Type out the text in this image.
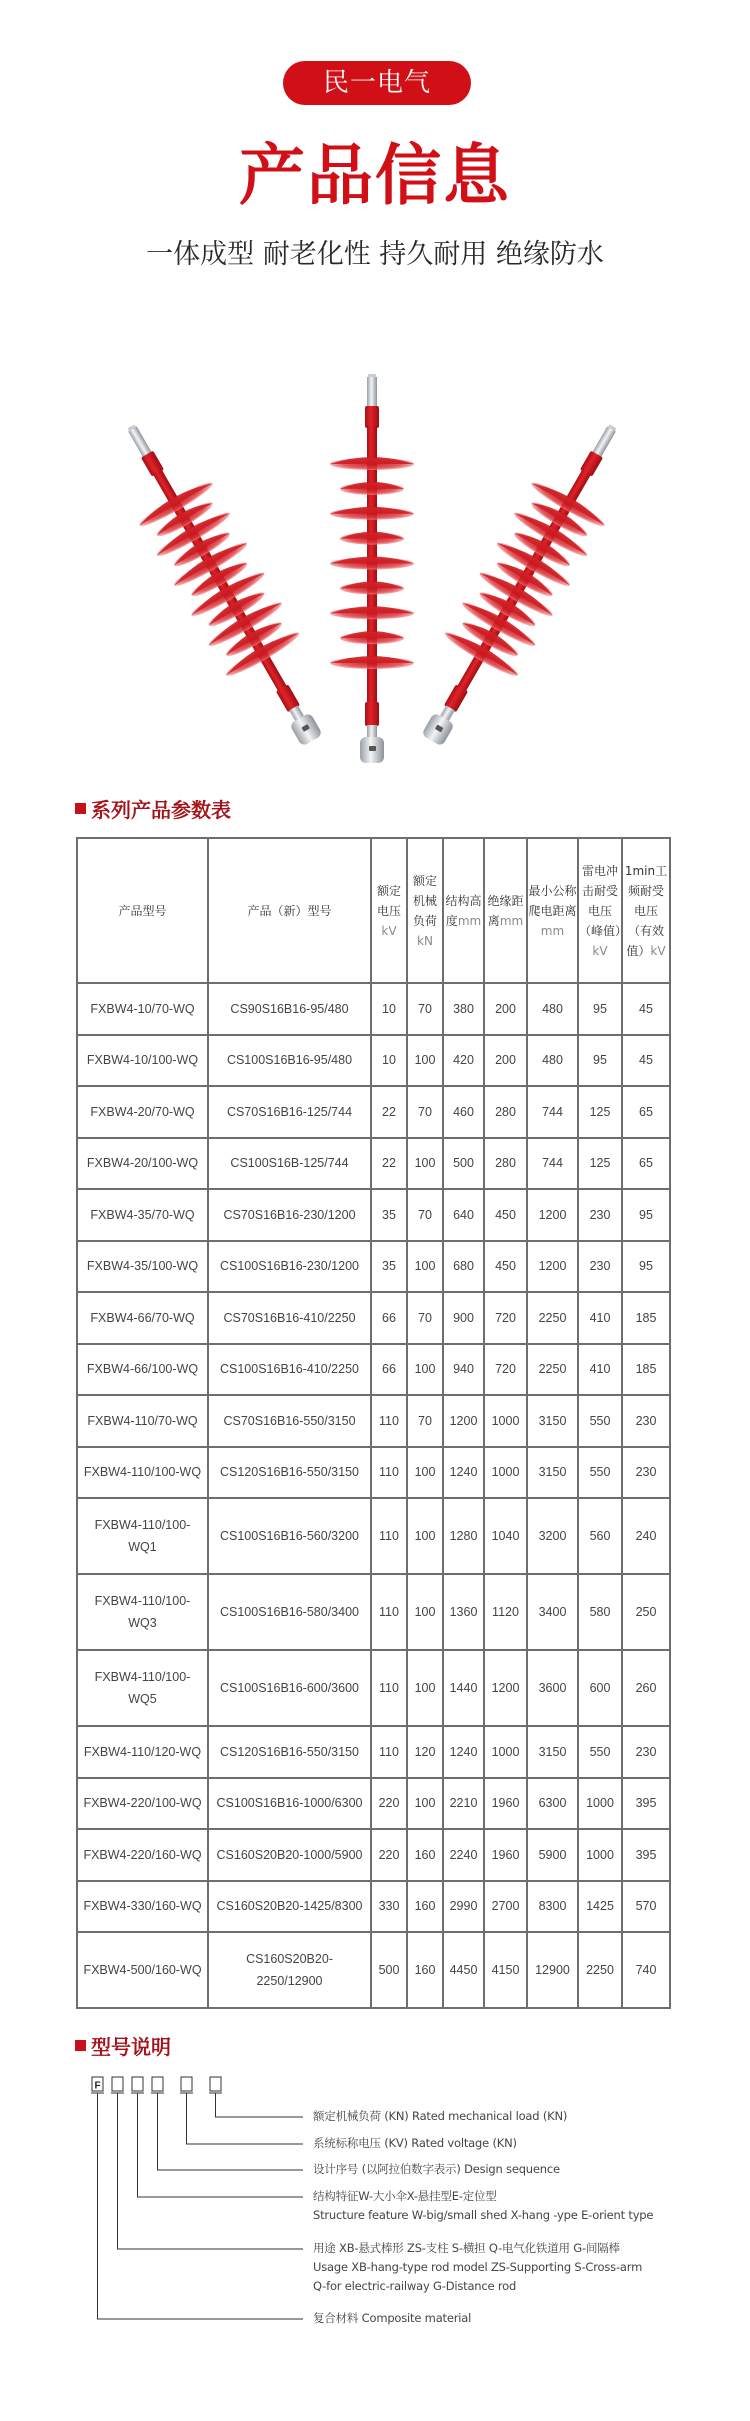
民一电气
产品信息
一体成型 耐老化性 持久耐用 绝缘防水
系列产品参数表
产品型号	产品（新）型号	额定电压kV	额定机械负荷kN	结构高度mm	绝缘距离mm	最小公称爬电距离mm	雷电冲击耐受电压（峰值）kV	1min工频耐受电压（有效值）kV
FXBW4-10/70-WQ	CS90S16B16-95/480	10	70	380	200	480	95	45
FXBW4-10/100-WQ	CS100S16B16-95/480	10	100	420	200	480	95	45
FXBW4-20/70-WQ	CS70S16B16-125/744	22	70	460	280	744	125	65
FXBW4-20/100-WQ	CS100S16B-125/744	22	100	500	280	744	125	65
FXBW4-35/70-WQ	CS70S16B16-230/1200	35	70	640	450	1200	230	95
FXBW4-35/100-WQ	CS100S16B16-230/1200	35	100	680	450	1200	230	95
FXBW4-66/70-WQ	CS70S16B16-410/2250	66	70	900	720	2250	410	185
FXBW4-66/100-WQ	CS100S16B16-410/2250	66	100	940	720	2250	410	185
FXBW4-110/70-WQ	CS70S16B16-550/3150	110	70	1200	1000	3150	550	230
FXBW4-110/100-WQ	CS120S16B16-550/3150	110	100	1240	1000	3150	550	230
FXBW4-110/100-WQ1	CS100S16B16-560/3200	110	100	1280	1040	3200	560	240
FXBW4-110/100-WQ3	CS100S16B16-580/3400	110	100	1360	1120	3400	580	250
FXBW4-110/100-WQ5	CS100S16B16-600/3600	110	100	1440	1200	3600	600	260
FXBW4-110/120-WQ	CS120S16B16-550/3150	110	120	1240	1000	3150	550	230
FXBW4-220/100-WQ	CS100S16B16-1000/6300	220	100	2210	1960	6300	1000	395
FXBW4-220/160-WQ	CS160S20B20-1000/5900	220	160	2240	1960	5900	1000	395
FXBW4-330/160-WQ	CS160S20B20-1425/8300	330	160	2990	2700	8300	1425	570
FXBW4-500/160-WQ	CS160S20B20-2250/12900	500	160	4450	4150	12900	2250	740
型号说明
F
额定机械负荷 (KN) Rated mechanical load (KN)
系统标称电压 (KV) Rated voltage (KN)
设计序号 (以阿拉伯数字表示) Design sequence
结构特征W-大小伞X-悬挂型E-定位型
Structure feature W-big/small shed X-hang -ype E-orient type
用途 XB-悬式棒形 ZS-支柱 S-横担 Q-电气化铁道用 G-间隔棒
Usage XB-hang-type rod model ZS-Supporting S-Cross-arm
Q-for electric-railway G-Distance rod
复合材料 Composite material
